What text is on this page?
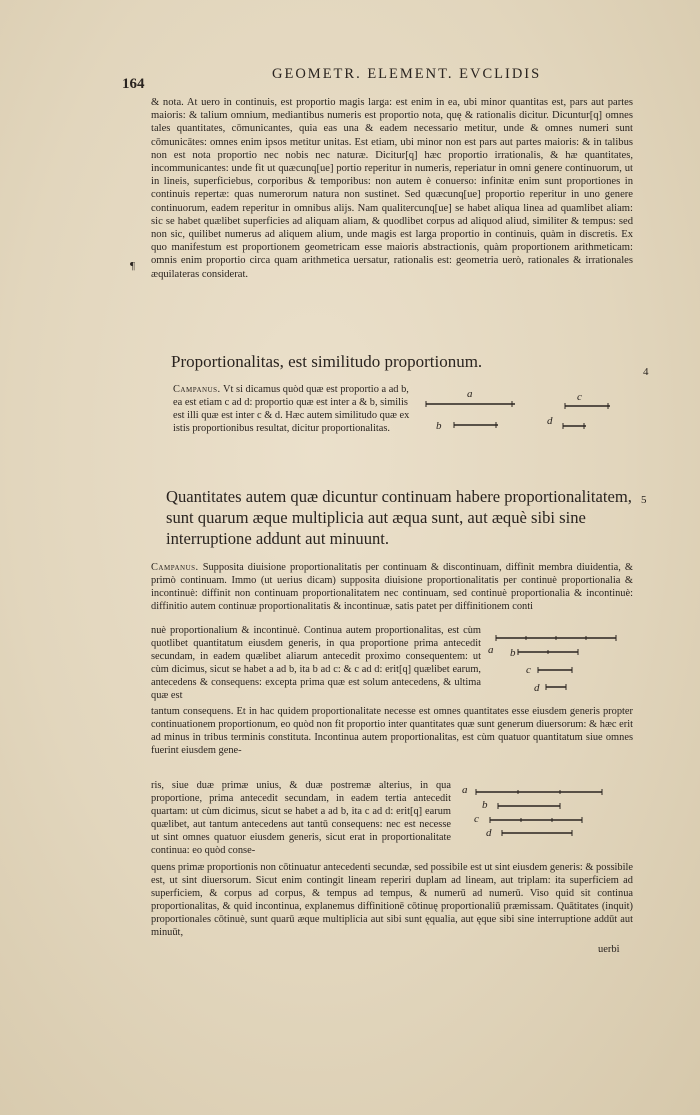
164
GEOMETR. ELEMENT. EVCLIDIS

& nota. At uero in continuis, est proportio magis larga: est enim in ea, ubi minor quantitas est, pars aut partes maioris: & talium omnium, mediantibus numeris est proportio nota, quę & rationalis dicitur. Dicuntur[q] omnes tales quantitates, cōmunicantes, quia eas una & eadem necessario metitur, unde & omnes numeri sunt cōmunicātes: omnes enim ipsos metitur unitas. Est etiam, ubi minor non est pars aut partes maioris: & in talibus non est nota proportio nec nobis nec naturæ. Dicitur[q] hæc proportio irrationalis, & hæ quantitates, incommunicantes: unde fit ut quæcunq[ue] portio reperitur in numeris, reperiatur in omni genere continuorum, ut in lineis, superficiebus, corporibus & temporibus: non autem è conuerso: infinitæ enim sunt proportiones in continuis repertæ: quas numerorum natura non sustinet. Sed quæcunq[ue] proportio reperitur in uno genere continuorum, eadem reperitur in omnibus alijs. Nam qualitercunq[ue] se habet aliqua linea ad quamlibet aliam: sic se habet quælibet superficies ad aliquam aliam, & quodlibet corpus ad aliquod aliud, similiter & tempus: sed non sic, quilibet numerus ad aliquem alium, unde magis est larga proportio in continuis, quàm in discretis. Ex quo manifestum est proportionem geometricam esse maioris abstractionis, quàm proportionem arithmeticam: omnis enim proportio circa quam arithmetica uersatur, rationalis est: geometria uerò, rationales & irrationales æquilateras considerat.

¶
4
5

Proportionalitas, est similitudo proportionum.

Campanus. Vt si dicamus quòd quæ est proportio a ad b, ea est etiam c ad d: proportio quæ est inter a & b, similis est illi quæ est inter c & d. Hæc autem similitudo quæ ex istis proportionibus resultat, dicitur proportionalitas.

a
b
c
d

Quantitates autem quæ dicuntur continuam habere proportionalitatem, sunt quarum æque multiplicia aut æqua sunt, aut æquè sibi sine interruptione addunt aut minuunt.

Campanus. Supposita diuisione proportionalitatis per continuam & discontinuam, diffinit membra diuidentia, & primò continuam. Immo (ut uerius dicam) supposita diuisione proportionalitatis per continuè proportionalia & incontinuè: diffinit non continuam proportionalitatem nec continuam, sed continuè proportionalia & incontinuè: diffinitio autem continuæ proportionalitatis & incontinuæ, satis patet per diffinitionem conti

nuè proportionalium & incontinuè. Continua autem proportionalitas, est cùm quotlibet quantitatum eiusdem generis, in qua proportione prima antecedit secundam, in eadem quælibet aliarum antecedit proximo consequentem: ut cùm dicimus, sicut se habet a ad b, ita b ad c: & c ad d: erit[q] quælibet earum, antecedens & consequens: excepta prima quæ est solum antecedens, & ultima quæ est

a b
c
d

tantum consequens. Et in hac quidem proportionalitate necesse est omnes quantitates esse eiusdem generis propter continuationem proportionum, eo quòd non fit proportio inter quantitates quæ sunt generum diuersorum: & hæc erit ad minus in tribus terminis constituta. Incontinua autem proportionalitas, est cùm quatuor quantitatum siue omnes fuerint eiusdem gene-

ris, siue duæ primæ unius, & duæ postremæ alterius, in qua proportione, prima antecedit secundam, in eadem tertia antecedit quartam: ut cùm dicimus, sicut se habet a ad b, ita c ad d: erit[q] earum quælibet, aut tantum antecedens aut tantū consequens: nec est necesse ut sint omnes quatuor eiusdem generis, sicut erat in proportionalitate continua: eo quòd conse-

a
b
c
d

quens primæ proportionis non cōtinuatur antecedenti secundæ, sed possibile est ut sint eiusdem generis: & possibile est, ut sint diuersorum. Sicut enim contingit lineam reperiri duplam ad lineam, aut triplam: ita superficiem ad superficiem, & corpus ad corpus, & tempus ad tempus, & numerū ad numerū. Viso quid sit continua proportionalitas, & quid incontinua, explanemus diffinitionē cōtinuę proportionaliū præmissam. Quātitates (inquit) proportionales cōtinuè, sunt quarū æque multiplicia aut sibi sunt ęqualia, aut ęque sibi sine interruptione addūt aut minuūt,

uerbi
